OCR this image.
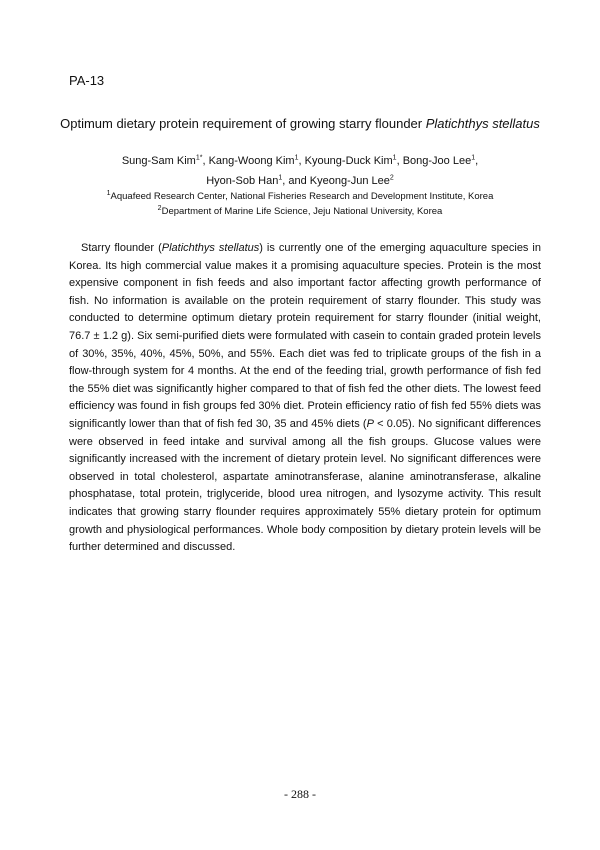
PA-13
Optimum dietary protein requirement of growing starry flounder Platichthys stellatus
Sung-Sam Kim$^{1*}$, Kang-Woong Kim$^1$, Kyoung-Duck Kim$^1$, Bong-Joo Lee$^1$,
Hyon-Sob Han$^1$, and Kyeong-Jun Lee$^2$
$^1$Aquafeed Research Center, National Fisheries Research and Development Institute, Korea
$^2$Department of Marine Life Science, Jeju National University, Korea

Starry flounder (Platichthys stellatus) is currently one of the emerging aquaculture species in Korea. Its high commercial value makes it a promising aquaculture species. Protein is the most expensive component in fish feeds and also important factor affecting growth performance of fish. No information is available on the protein requirement of starry flounder. This study was conducted to determine optimum dietary protein requirement for starry flounder (initial weight, 76.7 ± 1.2 g). Six semi-purified diets were formulated with casein to contain graded protein levels of 30%, 35%, 40%, 45%, 50%, and 55%. Each diet was fed to triplicate groups of the fish in a flow-through system for 4 months. At the end of the feeding trial, growth performance of fish fed the 55% diet was significantly higher compared to that of fish fed the other diets. The lowest feed efficiency was found in fish groups fed 30% diet. Protein efficiency ratio of fish fed 55% diets was significantly lower than that of fish fed 30, 35 and 45% diets (P < 0.05). No significant differences were observed in feed intake and survival among all the fish groups. Glucose values were significantly increased with the increment of dietary protein level. No significant differences were observed in total cholesterol, aspartate aminotransferase, alanine aminotransferase, alkaline phosphatase, total protein, triglyceride, blood urea nitrogen, and lysozyme activity. This result indicates that growing starry flounder requires approximately 55% dietary protein for optimum growth and physiological performances. Whole body composition by dietary protein levels will be further determined and discussed.

- 288 -
